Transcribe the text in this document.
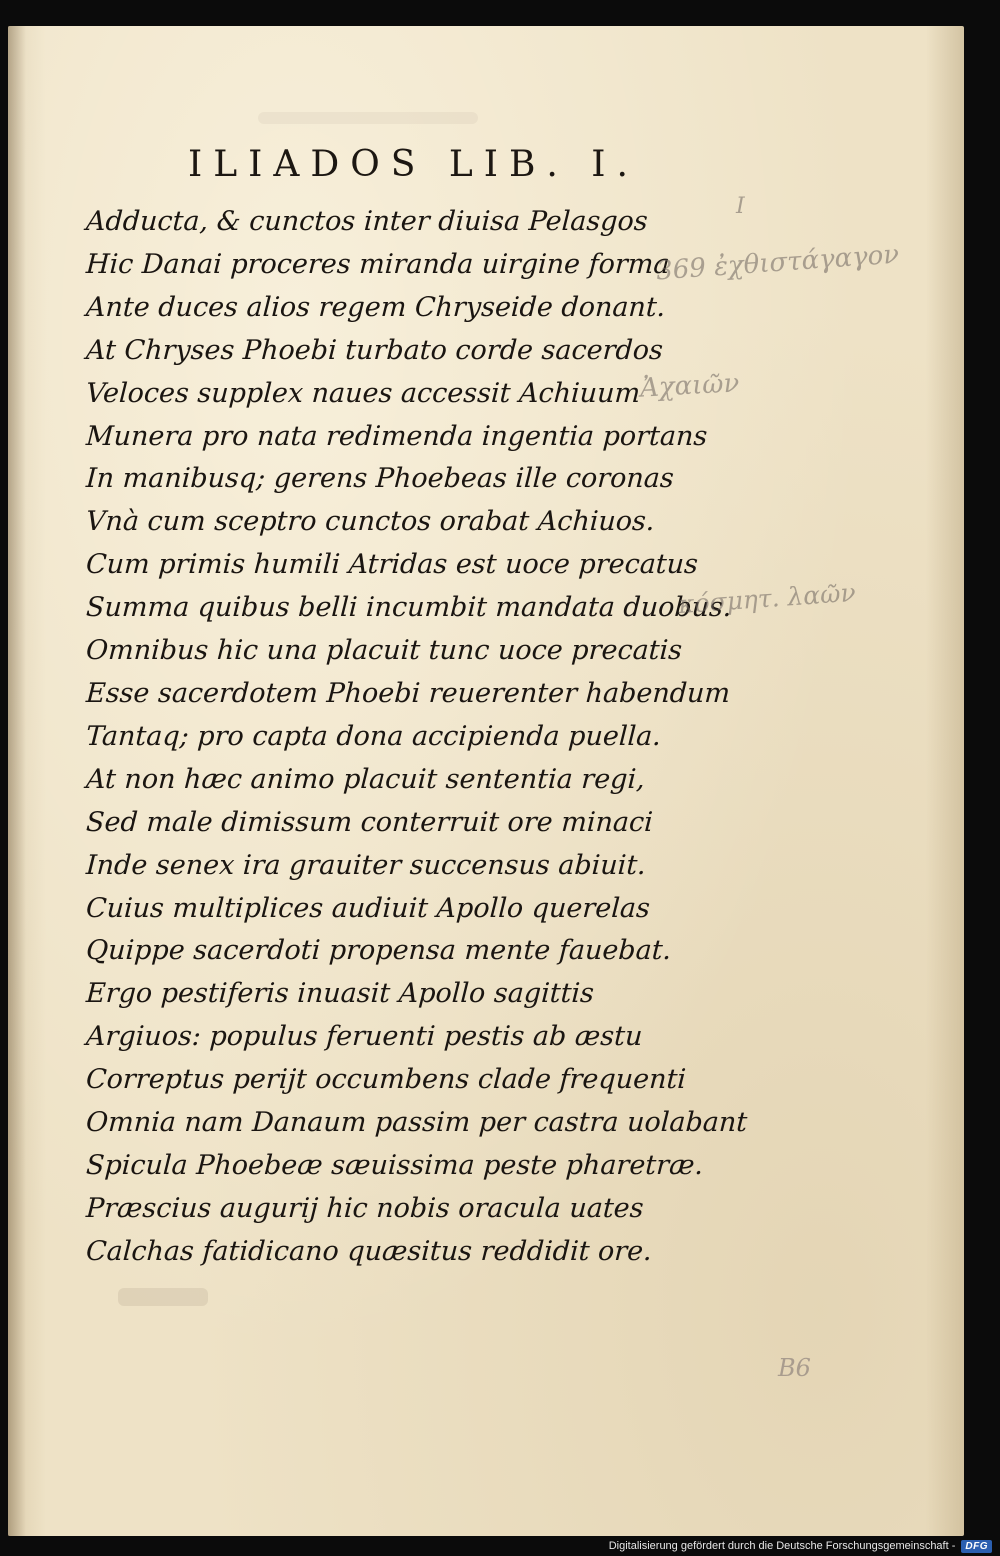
ILIADOS LIB. I.
Adducta, & cunctos inter diuisa Pelasgos
Hic Danai proceres miranda uirgine forma
Ante duces alios regem Chryseide donant.
At Chryses Phoebi turbato corde sacerdos
Veloces supplex naues accessit Achiuum
Munera pro nata redimenda ingentia portans
In manibusq; gerens Phoebeas ille coronas
Vnà cum sceptro cunctos orabat Achiuos.
Cum primis humili Atridas est uoce precatus
Summa quibus belli incumbit mandata duobus.
Omnibus hic una placuit tunc uoce precatis
Esse sacerdotem Phoebi reuerenter habendum
Tantaq; pro capta dona accipienda puella.
At non hæc animo placuit sententia regi,
Sed male dimissum conterruit ore minaci
Inde senex ira grauiter succensus abiuit.
Cuius multiplices audiuit Apollo querelas
Quippe sacerdoti propensa mente fauebat.
Ergo pestiferis inuasit Apollo sagittis
Argiuos: populus feruenti pestis ab æstu
Correptus perijt occumbens clade frequenti
Omnia nam Danaum passim per castra uolabant
Spicula Phoebeæ sæuissima peste pharetræ.
Præscius augurij hic nobis oracula uates
Calchas fatidicano quæsitus reddidit ore.
I
369 ἐχθιστάγαγον
Ἀχαιῶν
κόσμητ. λαῶν
B6
Digitalisierung gefördert durch die Deutsche Forschungsgemeinschaft -	DFG
